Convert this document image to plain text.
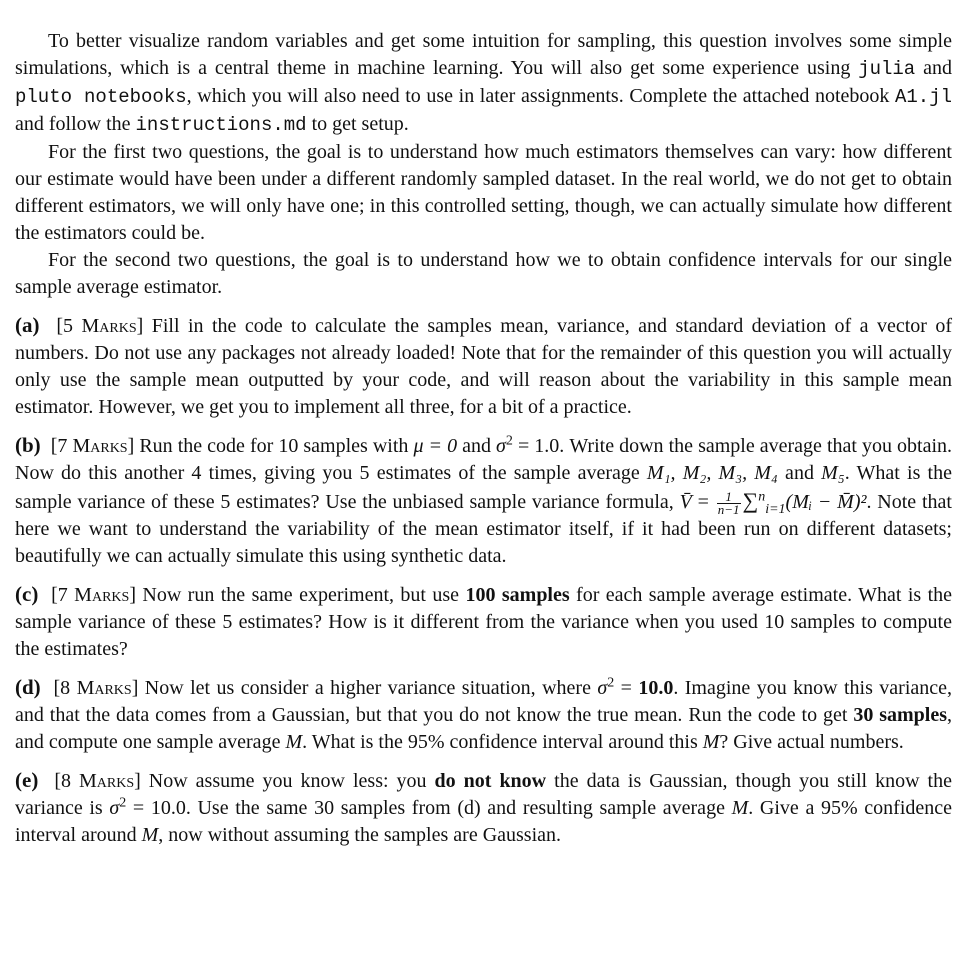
To better visualize random variables and get some intuition for sampling, this question involves some simple simulations, which is a central theme in machine learning. You will also get some experience using julia and pluto notebooks, which you will also need to use in later assignments. Complete the attached notebook A1.jl and follow the instructions.md to get setup.

For the first two questions, the goal is to understand how much estimators themselves can vary: how different our estimate would have been under a different randomly sampled dataset. In the real world, we do not get to obtain different estimators, we will only have one; in this controlled setting, though, we can actually simulate how different the estimators could be.

For the second two questions, the goal is to understand how we to obtain confidence intervals for our single sample average estimator.

(a) [5 Marks] Fill in the code to calculate the samples mean, variance, and standard deviation of a vector of numbers. Do not use any packages not already loaded! Note that for the remainder of this question you will actually only use the sample mean outputted by your code, and will reason about the variability in this sample mean estimator. However, we get you to implement all three, for a bit of a practice.

(b) [7 Marks] Run the code for 10 samples with μ = 0 and $\sigma^2 = 1.0$. Write down the sample average that you obtain. Now do this another 4 times, giving you 5 estimates of the sample average M₁, M₂, M₃, M₄ and M₅. What is the sample variance of these 5 estimates? Use the unbiased sample variance formula, V̄ = $\frac{1}{n-1}$ ∑$^n_{i=1}$(Mᵢ − M̄)². Note that here we want to understand the variability of the mean estimator itself, if it had been run on different datasets; beautifully we can actually simulate this using synthetic data.

(c) [7 Marks] Now run the same experiment, but use 100 samples for each sample average estimate. What is the sample variance of these 5 estimates? How is it different from the variance when you used 10 samples to compute the estimates?

(d) [8 Marks] Now let us consider a higher variance situation, where $\sigma^2 = 10.0$. Imagine you know this variance, and that the data comes from a Gaussian, but that you do not know the true mean. Run the code to get 30 samples, and compute one sample average M. What is the 95% confidence interval around this M? Give actual numbers.

(e) [8 Marks] Now assume you know less: you do not know the data is Gaussian, though you still know the variance is $\sigma^2 = 10.0$. Use the same 30 samples from (d) and resulting sample average M. Give a 95% confidence interval around M, now without assuming the samples are Gaussian.
